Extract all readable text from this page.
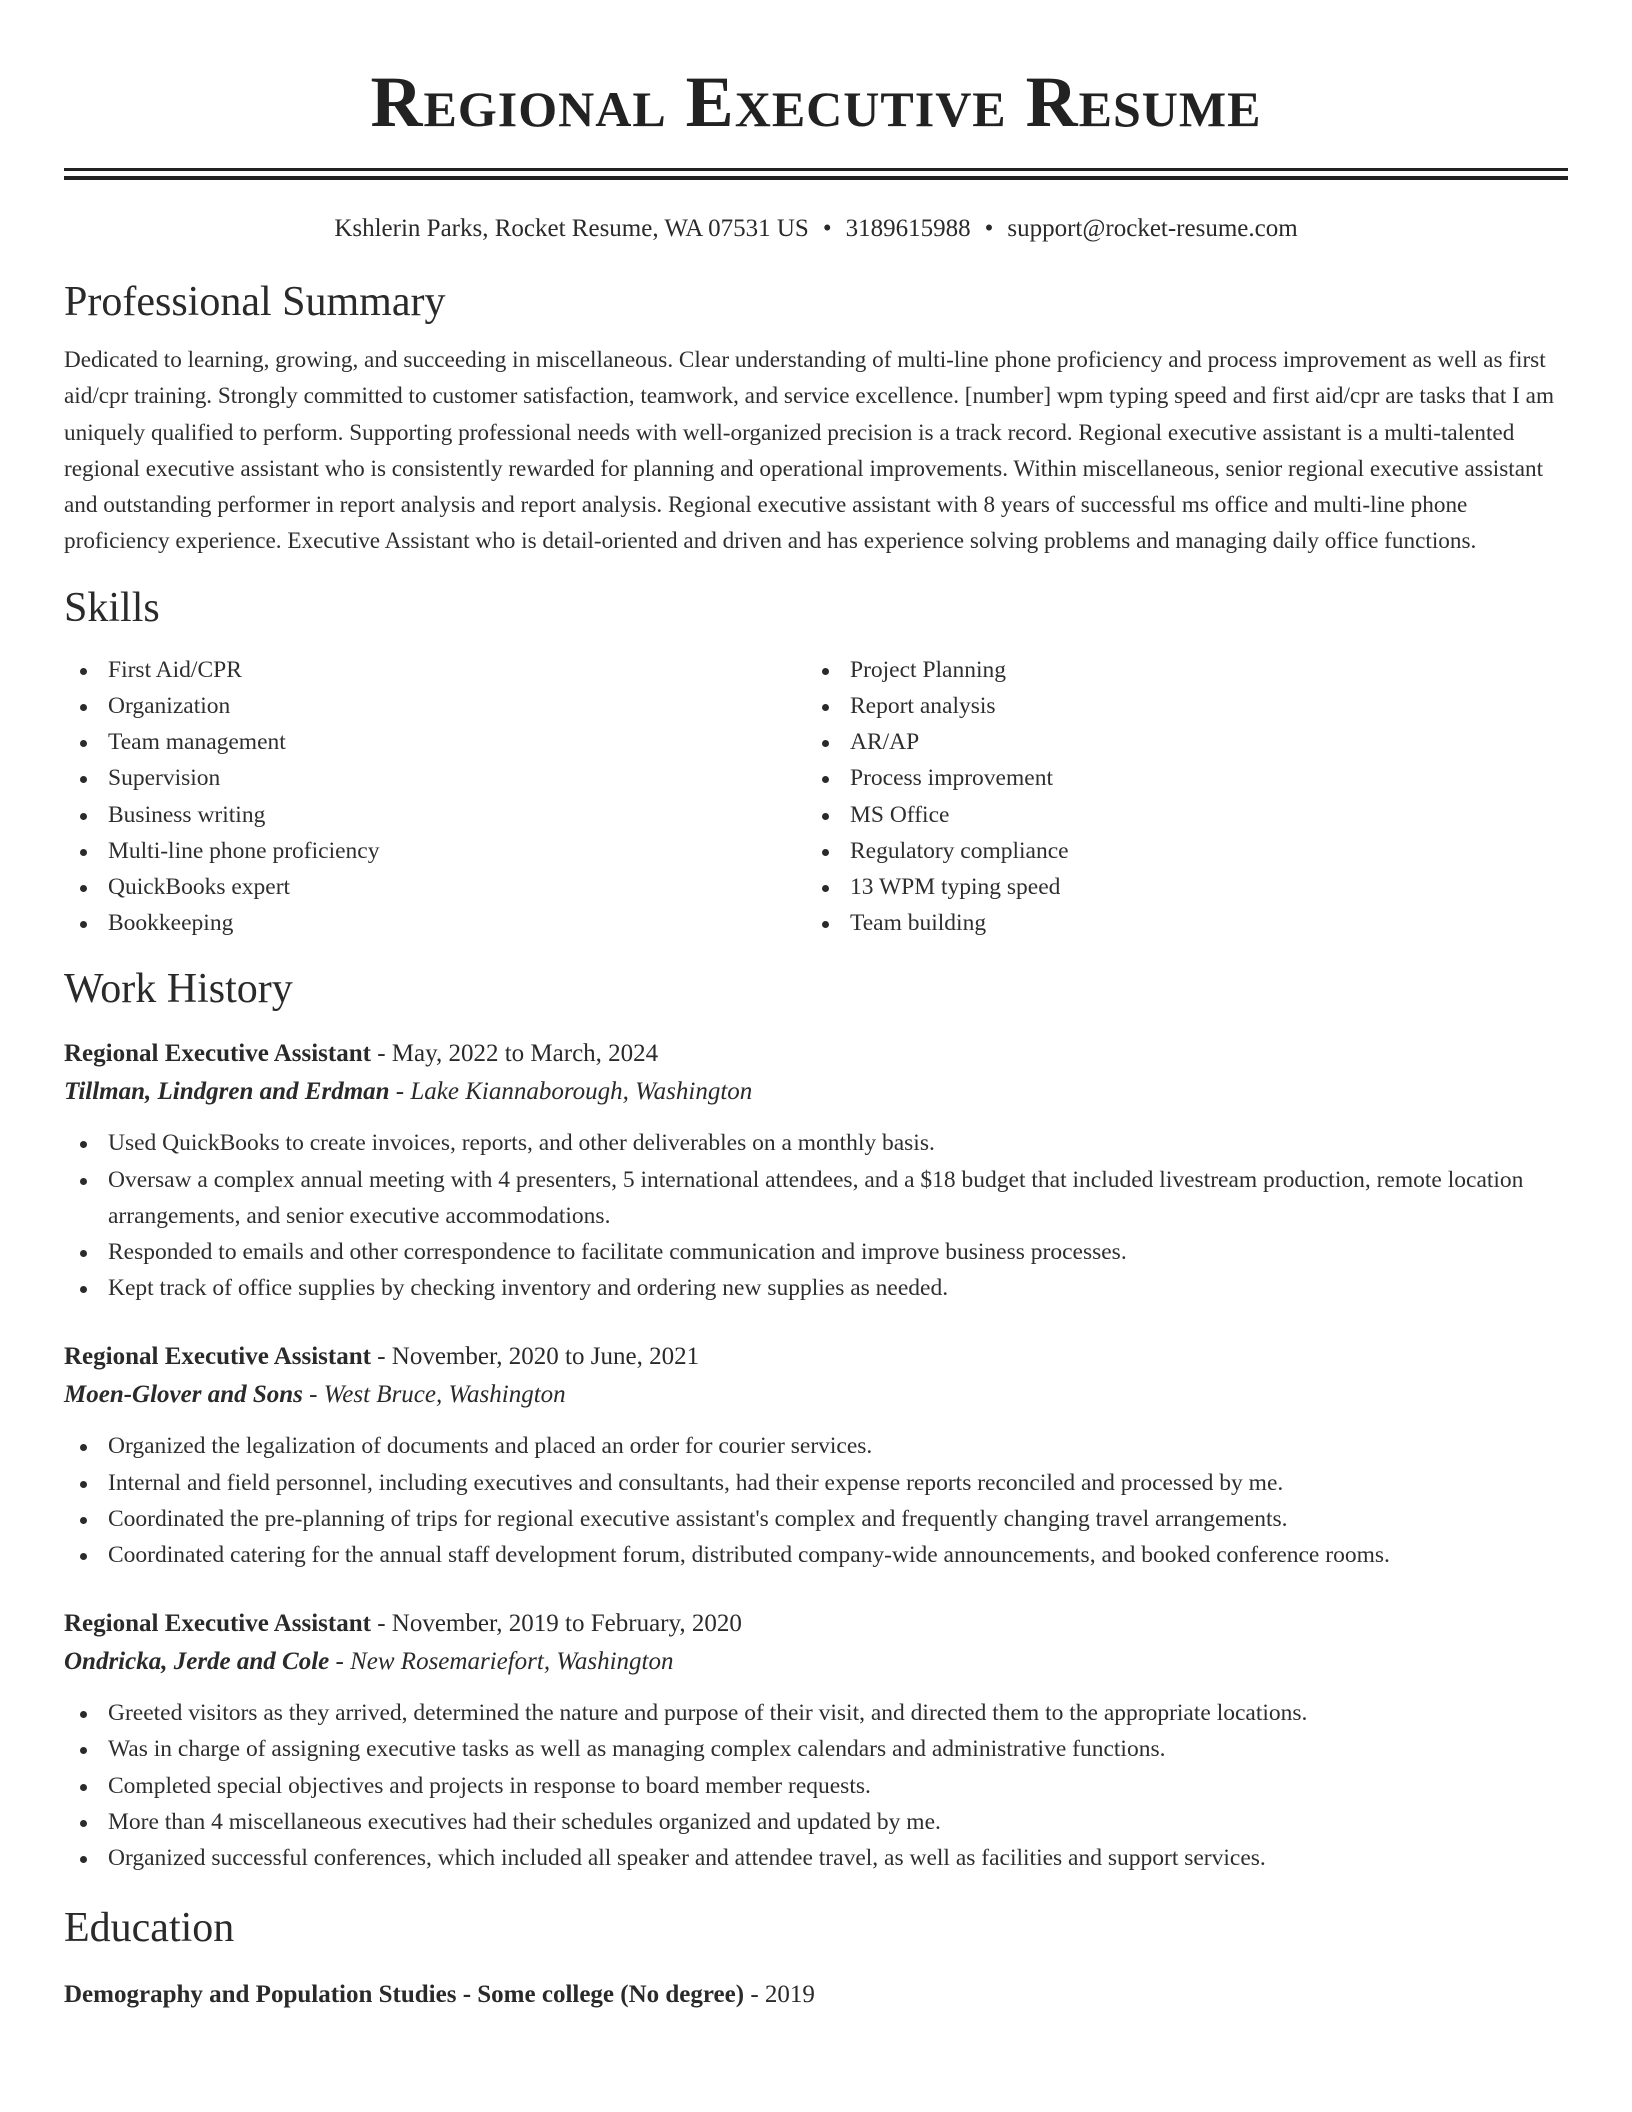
Regional Executive Resume
Kshlerin Parks, Rocket Resume, WA 07531 US • 3189615988 • support@rocket-resume.com
Professional Summary

Dedicated to learning, growing, and succeeding in miscellaneous. Clear understanding of multi-line phone proficiency and process improvement as well as first aid/cpr training. Strongly committed to customer satisfaction, teamwork, and service excellence. [number] wpm typing speed and first aid/cpr are tasks that I am uniquely qualified to perform. Supporting professional needs with well-organized precision is a track record. Regional executive assistant is a multi-talented regional executive assistant who is consistently rewarded for planning and operational improvements. Within miscellaneous, senior regional executive assistant and outstanding performer in report analysis and report analysis. Regional executive assistant with 8 years of successful ms office and multi-line phone proficiency experience. Executive Assistant who is detail-oriented and driven and has experience solving problems and managing daily office functions.

Skills
First Aid/CPR
Organization
Team management
Supervision
Business writing
Multi-line phone proficiency
QuickBooks expert
Bookkeeping
Project Planning
Report analysis
AR/AP
Process improvement
MS Office
Regulatory compliance
13 WPM typing speed
Team building
Work History
Regional Executive Assistant - May, 2022 to March, 2024
Tillman, Lindgren and Erdman - Lake Kiannaborough, Washington
Used QuickBooks to create invoices, reports, and other deliverables on a monthly basis.
Oversaw a complex annual meeting with 4 presenters, 5 international attendees, and a $18 budget that included livestream production, remote location arrangements, and senior executive accommodations.
Responded to emails and other correspondence to facilitate communication and improve business processes.
Kept track of office supplies by checking inventory and ordering new supplies as needed.
Regional Executive Assistant - November, 2020 to June, 2021
Moen-Glover and Sons - West Bruce, Washington
Organized the legalization of documents and placed an order for courier services.
Internal and field personnel, including executives and consultants, had their expense reports reconciled and processed by me.
Coordinated the pre-planning of trips for regional executive assistant's complex and frequently changing travel arrangements.
Coordinated catering for the annual staff development forum, distributed company-wide announcements, and booked conference rooms.
Regional Executive Assistant - November, 2019 to February, 2020
Ondricka, Jerde and Cole - New Rosemariefort, Washington
Greeted visitors as they arrived, determined the nature and purpose of their visit, and directed them to the appropriate locations.
Was in charge of assigning executive tasks as well as managing complex calendars and administrative functions.
Completed special objectives and projects in response to board member requests.
More than 4 miscellaneous executives had their schedules organized and updated by me.
Organized successful conferences, which included all speaker and attendee travel, as well as facilities and support services.
Education
Demography and Population Studies - Some college (No degree) - 2019
